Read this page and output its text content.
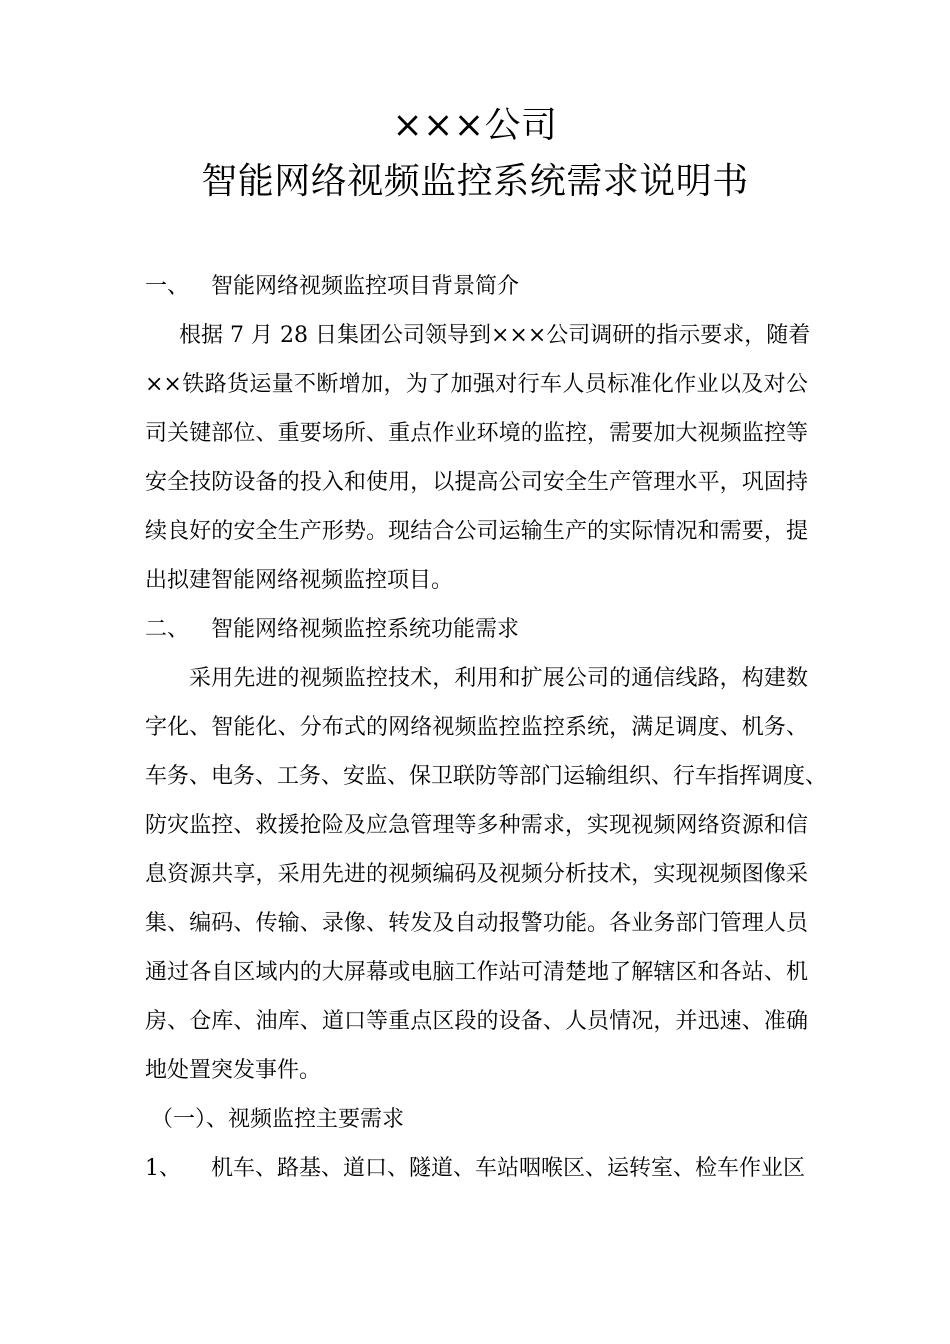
×××公司
智能网络视频监控系统需求说明书
一、 智能网络视频监控项目背景简介
根据 7 月 28 日集团公司领导到×××公司调研的指示要求，随着
××铁路货运量不断增加，为了加强对行车人员标准化作业以及对公
司关键部位、重要场所、重点作业环境的监控，需要加大视频监控等
安全技防设备的投入和使用，以提高公司安全生产管理水平，巩固持
续良好的安全生产形势。现结合公司运输生产的实际情况和需要，提
出拟建智能网络视频监控项目。
二、 智能网络视频监控系统功能需求
采用先进的视频监控技术，利用和扩展公司的通信线路，构建数
字化、智能化、分布式的网络视频监控监控系统，满足调度、机务、
车务、电务、工务、安监、保卫联防等部门运输组织、行车指挥调度、
防灾监控、救援抢险及应急管理等多种需求，实现视频网络资源和信
息资源共享，采用先进的视频编码及视频分析技术，实现视频图像采
集、编码、传输、录像、转发及自动报警功能。各业务部门管理人员
通过各自区域内的大屏幕或电脑工作站可清楚地了解辖区和各站、机
房、仓库、油库、道口等重点区段的设备、人员情况，并迅速、准确
地处置突发事件。
（一）、视频监控主要需求
1、	机车、路基、道口、隧道、车站咽喉区、运转室、检车作业区
